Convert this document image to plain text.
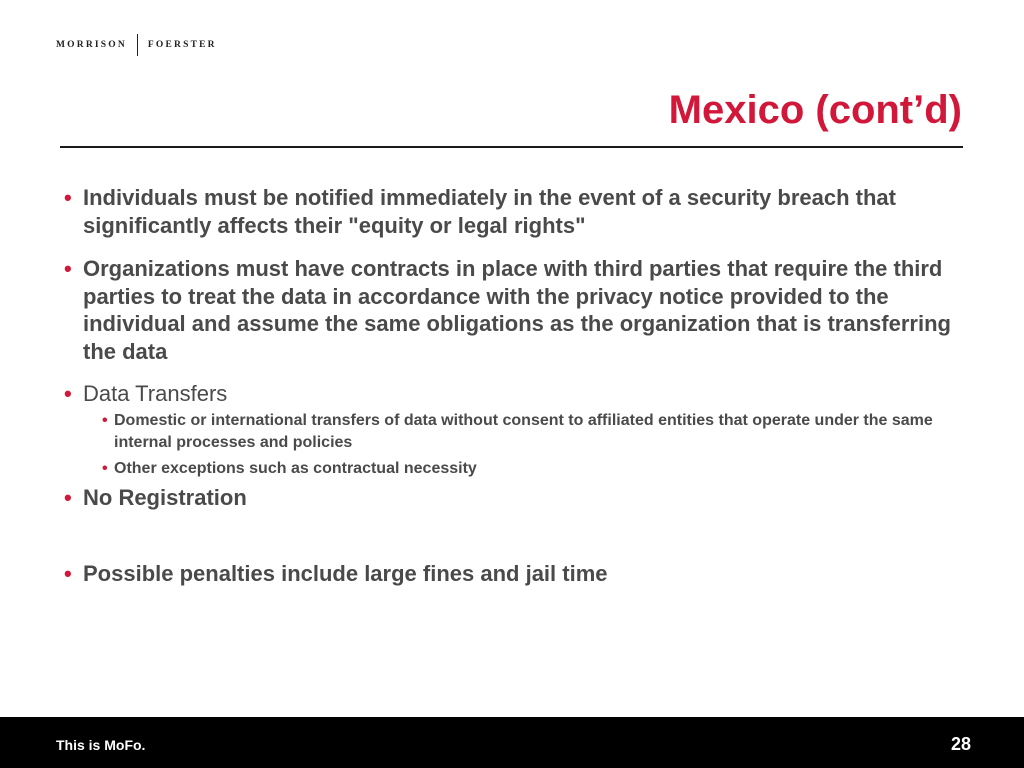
MORRISON FOERSTER
Mexico (cont’d)
• Individuals must be notified immediately in the event of a security breach that significantly affects their "equity or legal rights"
• Organizations must have contracts in place with third parties that require the third parties to treat the data in accordance with the privacy notice provided to the individual and assume the same obligations as the organization that is transferring the data
• Data Transfers
• Domestic or international transfers of data without consent to affiliated entities that operate under the same internal processes and policies
• Other exceptions such as contractual necessity
• No Registration
• Possible penalties include large fines and jail time
This is MoFo.	28
